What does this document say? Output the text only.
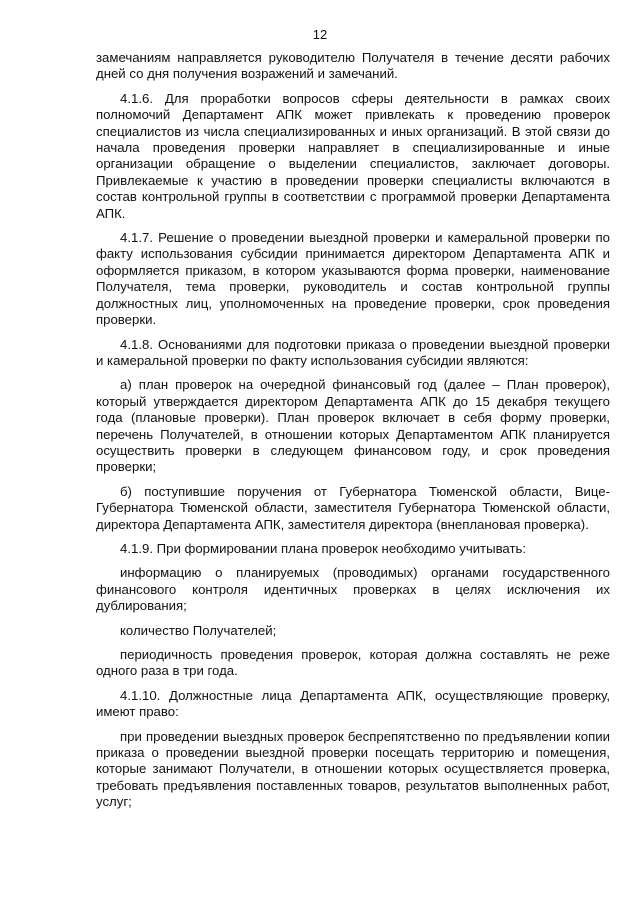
12

замечаниям направляется руководителю Получателя в течение десяти рабочих дней со дня получения возражений и замечаний.

4.1.6. Для проработки вопросов сферы деятельности в рамках своих полномочий Департамент АПК может привлекать к проведению проверок специалистов из числа специализированных и иных организаций. В этой связи до начала проведения проверки направляет в специализированные и иные организации обращение о выделении специалистов, заключает договоры. Привлекаемые к участию в проведении проверки специалисты включаются в состав контрольной группы в соответствии с программой проверки Департамента АПК.

4.1.7. Решение о проведении выездной проверки и камеральной проверки по факту использования субсидии принимается директором Департамента АПК и оформляется приказом, в котором указываются форма проверки, наименование Получателя, тема проверки, руководитель и состав контрольной группы должностных лиц, уполномоченных на проведение проверки, срок проведения проверки.

4.1.8. Основаниями для подготовки приказа о проведении выездной проверки и камеральной проверки по факту использования субсидии являются:

а) план проверок на очередной финансовый год (далее – План проверок), который утверждается директором Департамента АПК до 15 декабря текущего года (плановые проверки). План проверок включает в себя форму проверки, перечень Получателей, в отношении которых Департаментом АПК планируется осуществить проверки в следующем финансовом году, и срок проведения проверки;

б) поступившие поручения от Губернатора Тюменской области, Вице-Губернатора Тюменской области, заместителя Губернатора Тюменской области, директора Департамента АПК, заместителя директора (внеплановая проверка).

4.1.9. При формировании плана проверок необходимо учитывать:

информацию о планируемых (проводимых) органами государственного финансового контроля идентичных проверках в целях исключения их дублирования;

количество Получателей;

периодичность проведения проверок, которая должна составлять не реже одного раза в три года.

4.1.10. Должностные лица Департамента АПК, осуществляющие проверку, имеют право:

при проведении выездных проверок беспрепятственно по предъявлении копии приказа о проведении выездной проверки посещать территорию и помещения, которые занимают Получатели, в отношении которых осуществляется проверка, требовать предъявления поставленных товаров, результатов выполненных работ, услуг;
